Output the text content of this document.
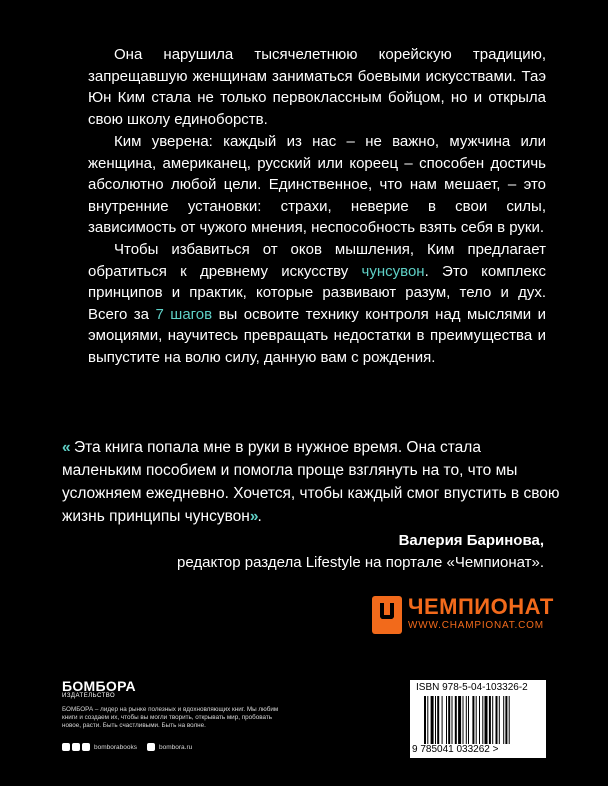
Она нарушила тысячелетнюю корейскую традицию, запрещавшую женщинам заниматься боевыми искусствами. Таэ Юн Ким стала не только первоклассным бойцом, но и открыла свою школу единоборств.

Ким уверена: каждый из нас – не важно, мужчина или женщина, американец, русский или кореец – способен достичь абсолютно любой цели. Единственное, что нам мешает, – это внутренние установки: страхи, неверие в свои силы, зависимость от чужого мнения, неспособность взять себя в руки.

Чтобы избавиться от оков мышления, Ким предлагает обратиться к древнему искусству чунсувон. Это комплекс принципов и практик, которые развивают разум, тело и дух. Всего за 7 шагов вы освоите технику контроля над мыслями и эмоциями, научитесь превращать недостатки в преимущества и выпустите на волю силу, данную вам с рождения.

« Эта книга попала мне в руки в нужное время. Она стала маленьким пособием и помогла проще взглянуть на то, что мы усложняем ежедневно. Хочется, чтобы каждый смог впустить в свою жизнь принципы чунсувон».

Валерия Баринова,
редактор раздела Lifestyle на портале «Чемпионат».
ЧЕМПИОНАТ
WWW.CHAMPIONAT.COM
БОМБОРА
ИЗДАТЕЛЬСТВО
БОМБОРА – лидер на рынке полезных и вдохновляющих книг. Мы любим книги и создаем их, чтобы вы могли творить, открывать мир, пробовать новое, расти. Быть счастливыми. Быть на волне.
bomborabooks	bombora.ru
ISBN 978-5-04-103326-2
9 785041 033262 >
